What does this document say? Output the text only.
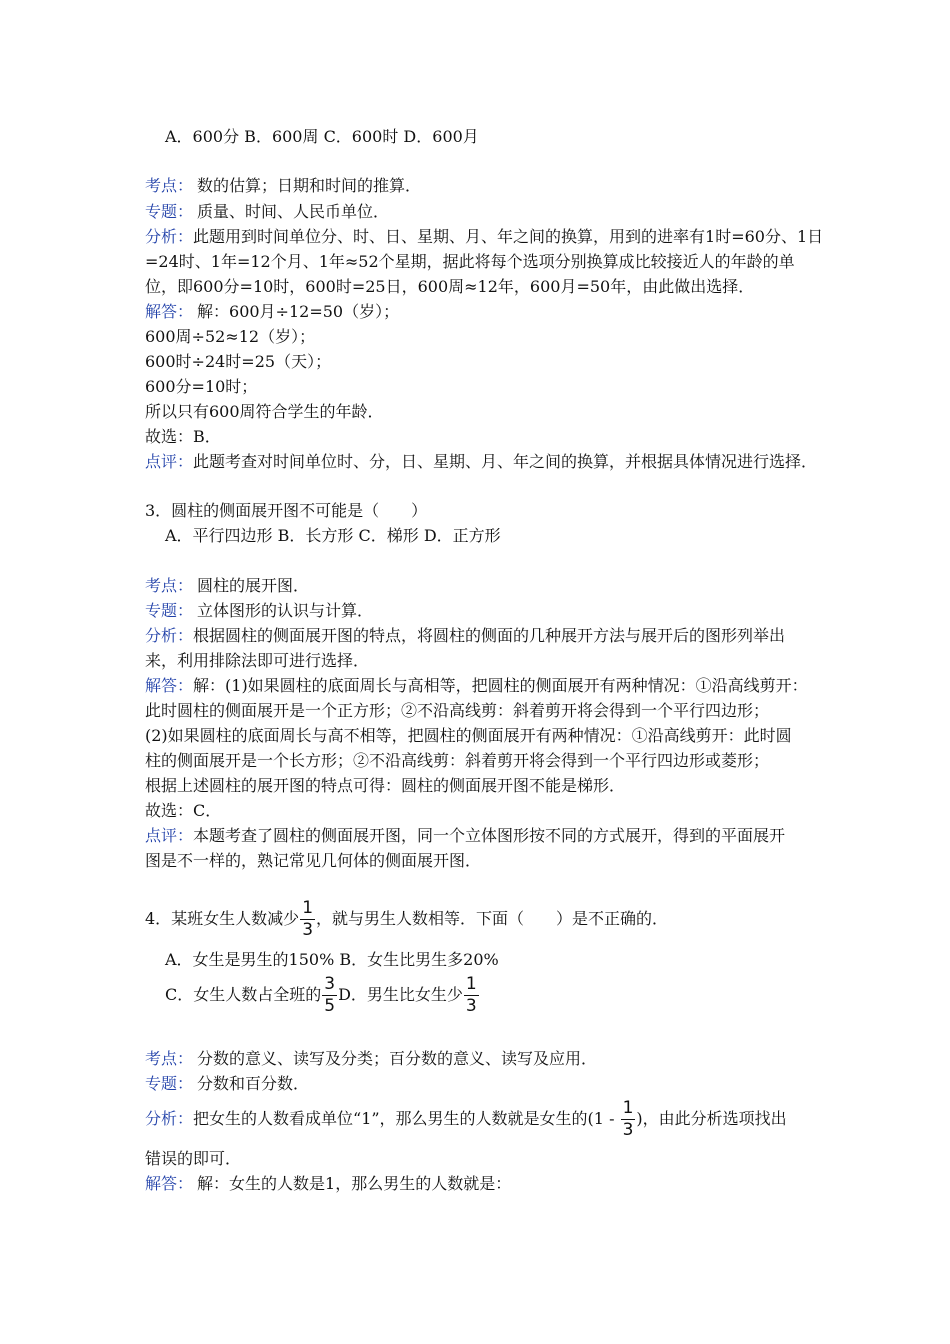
A．600分 B．600周 C．600时 D．600月
考点： 数的估算；日期和时间的推算．
专题： 质量、时间、人民币单位．
分析：此题用到时间单位分、时、日、星期、月、年之间的换算，用到的进率有1时=60分、1日
=24时、1年=12个月、1年≈52个星期，据此将每个选项分别换算成比较接近人的年龄的单
位，即600分=10时，600时=25日，600周≈12年，600月=50年，由此做出选择．
解答： 解：600月÷12=50（岁）；
600周÷52≈12（岁）；
600时÷24时=25（天）；
600分=10时；
所以只有600周符合学生的年龄．
故选：B．
点评：此题考查对时间单位时、分，日、星期、月、年之间的换算，并根据具体情况进行选择．
3．圆柱的侧面展开图不可能是（　　）
A．平行四边形 B．长方形 C．梯形 D．正方形
考点： 圆柱的展开图．
专题： 立体图形的认识与计算．
分析：根据圆柱的侧面展开图的特点，将圆柱的侧面的几种展开方法与展开后的图形列举出
来，利用排除法即可进行选择．
解答：解：(1)如果圆柱的底面周长与高相等，把圆柱的侧面展开有两种情况：①沿高线剪开：
此时圆柱的侧面展开是一个正方形；②不沿高线剪：斜着剪开将会得到一个平行四边形；
(2)如果圆柱的底面周长与高不相等，把圆柱的侧面展开有两种情况：①沿高线剪开：此时圆
柱的侧面展开是一个长方形；②不沿高线剪：斜着剪开将会得到一个平行四边形或菱形；
根据上述圆柱的展开图的特点可得：圆柱的侧面展开图不能是梯形．
故选：C．
点评：本题考查了圆柱的侧面展开图，同一个立体图形按不同的方式展开，得到的平面展开
图是不一样的，熟记常见几何体的侧面展开图．
4．某班女生人数减少 $\frac{1}{3}$ ，就与男生人数相等．下面（　　）是不正确的．
A．女生是男生的150% B．女生比男生多20%
C．女生人数占全班的 $\frac{3}{5}$ D．男生比女生少 $\frac{1}{3}$
考点： 分数的意义、读写及分类；百分数的意义、读写及应用．
专题： 分数和百分数．
分析：把女生的人数看成单位“1”，那么男生的人数就是女生的($1 - \frac{1}{3}$ )，由此分析选项找出
错误的即可．
解答： 解：女生的人数是1，那么男生的人数就是：
